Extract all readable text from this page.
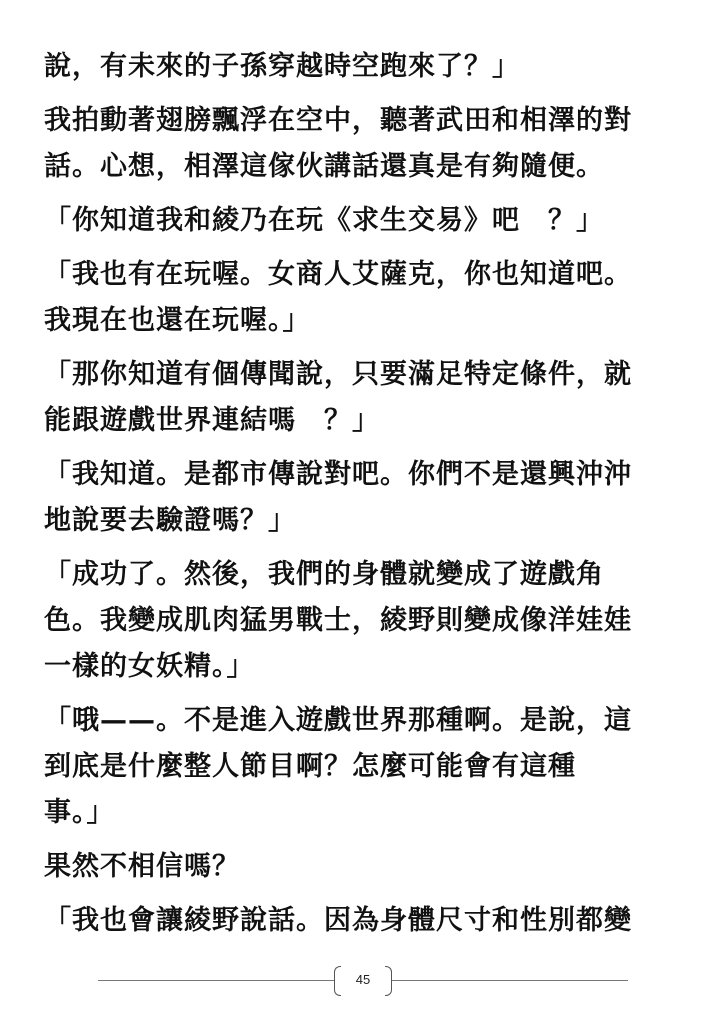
說，有未來的子孫穿越時空跑來了？」

我拍動著翅膀飄浮在空中，聽著武田和相澤的對
話。心想，相澤這傢伙講話還真是有夠隨便。

「你知道我和綾乃在玩《求生交易》吧　？」

「我也有在玩喔。女商人艾薩克，你也知道吧。
我現在也還在玩喔。」

「那你知道有個傳聞說，只要滿足特定條件，就
能跟遊戲世界連結嗎　？」

「我知道。是都市傳說對吧。你們不是還興沖沖
地說要去驗證嗎？」

「成功了。然後，我們的身體就變成了遊戲角
色。我變成肌肉猛男戰士，綾野則變成像洋娃娃
一樣的女妖精。」

「哦——。不是進入遊戲世界那種啊。是說，這
到底是什麼整人節目啊？怎麼可能會有這種
事。」

果然不相信嗎？

「我也會讓綾野說話。因為身體尺寸和性別都變

45
